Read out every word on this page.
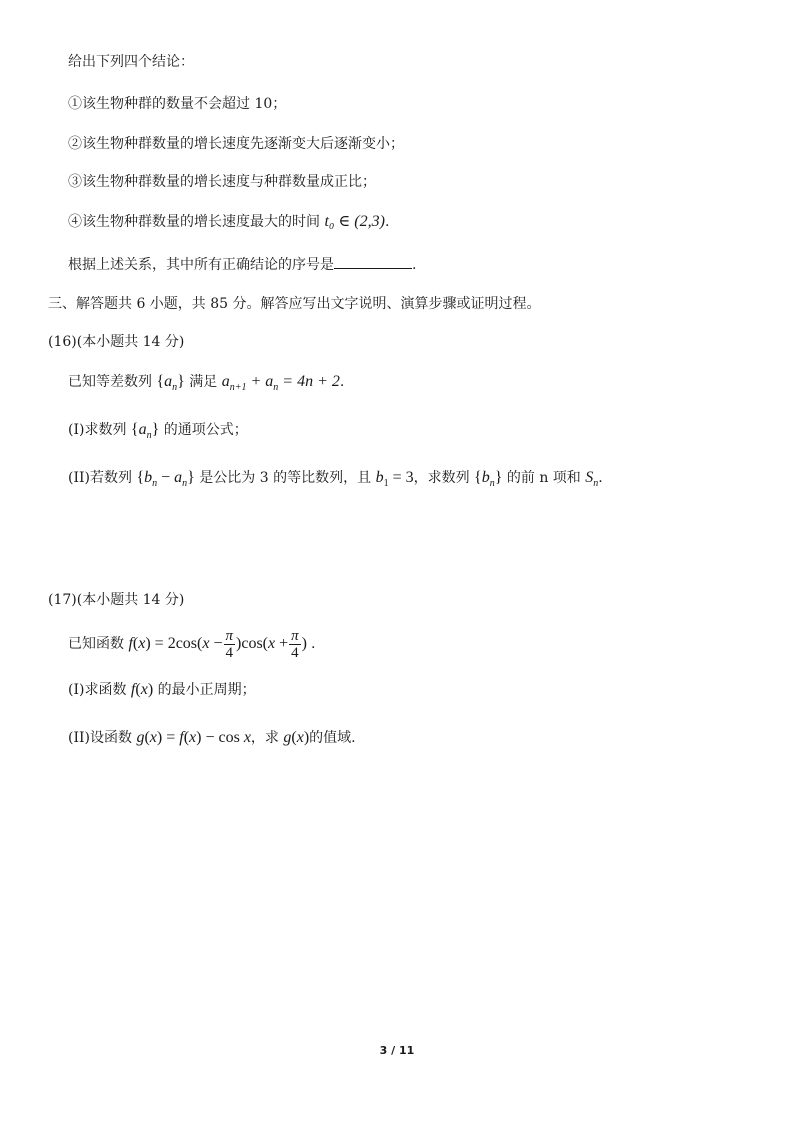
给出下列四个结论：
①该生物种群的数量不会超过 10；
②该生物种群数量的增长速度先逐渐变大后逐渐变小；
③该生物种群数量的增长速度与种群数量成正比；
④该生物种群数量的增长速度最大的时间 t₀ ∈ (2,3).
根据上述关系，其中所有正确结论的序号是	.
三、解答题共 6 小题，共 85 分。解答应写出文字说明、演算步骤或证明过程。
(16)(本小题共 14 分)
已知等差数列 $\{a_n\}$ 满足 $a_{n+1} + a_n = 4n + 2$.
(I)求数列 $\{a_n\}$ 的通项公式；
(II)若数列 $\{b_n - a_n\}$ 是公比为 3 的等比数列，且 $b_1 = 3$，求数列 $\{b_n\}$ 的前 n 项和 $S_n$.
(17)(本小题共 14 分)
已知函数 $f(x) = 2\cos(x - \frac{\pi}{4} )\cos(x + \frac{\pi}{4}$ ) .
(I)求函数 f(x) 的最小正周期；
(II)设函数 g(x) = f(x) − cos x，求 g(x)的值域.
3 / 11
